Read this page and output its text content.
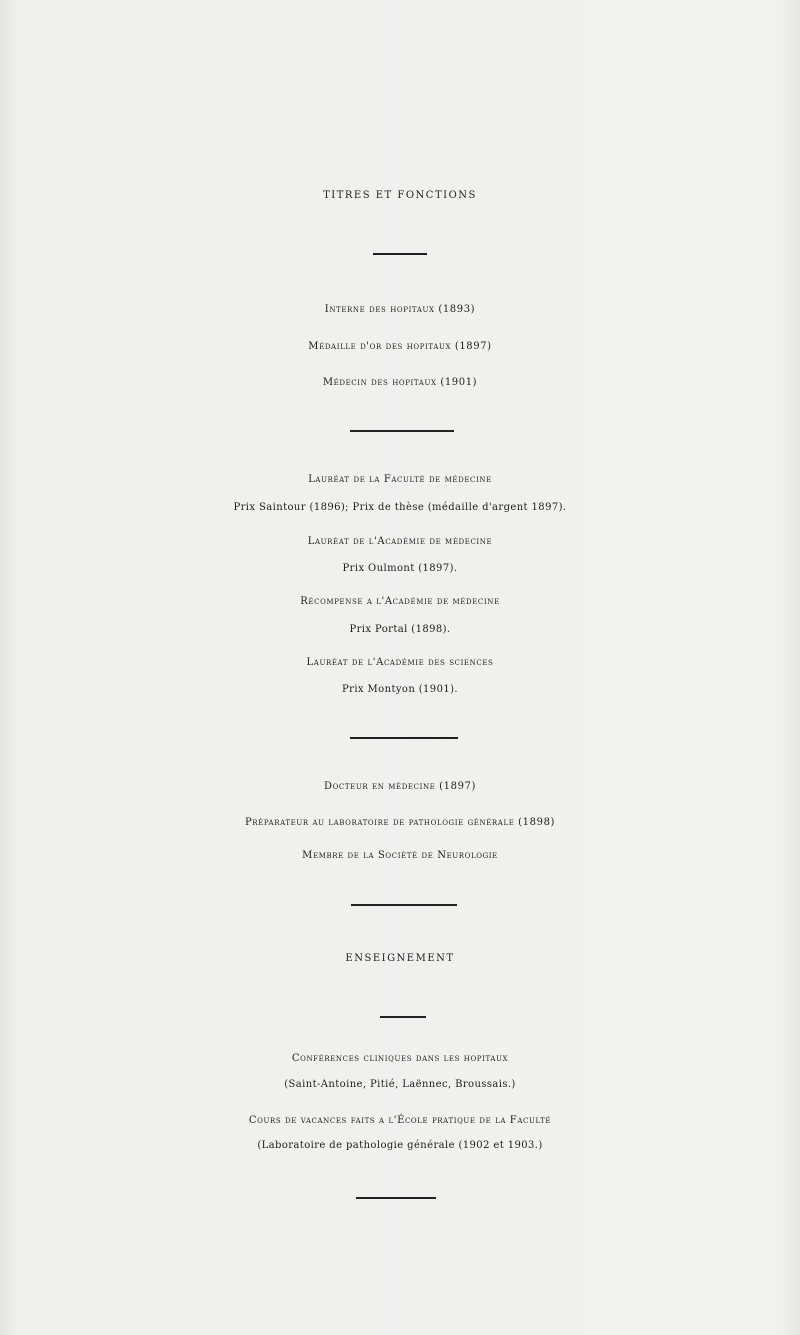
TITRES ET FONCTIONS
Interne des hopitaux (1893)
Médaille d'or des hopitaux (1897)
Médecin des hopitaux (1901)
Lauréat de la Faculté de médecine
Prix Saintour (1896); Prix de thèse (médaille d'argent 1897).
Lauréat de l'Académie de médecine
Prix Oulmont (1897).
Récompense a l'Académie de médecine
Prix Portal (1898).
Lauréat de l'Académie des sciences
Prix Montyon (1901).
Docteur en médecine (1897)
Préparateur au laboratoire de pathologie générale (1898)
Membre de la Société de Neurologie
ENSEIGNEMENT
Conférences cliniques dans les hopitaux
(Saint-Antoine, Pitié, Laënnec, Broussais.)
Cours de vacances faits a l'École pratique de la Faculté
(Laboratoire de pathologie générale (1902 et 1903.)
